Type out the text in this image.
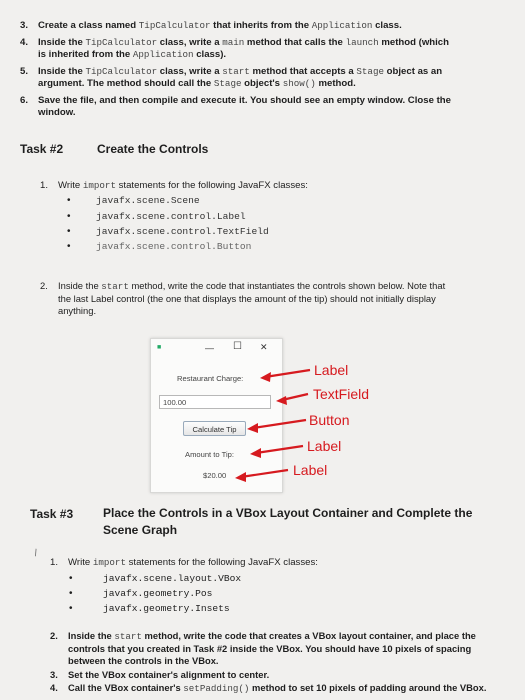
3. Create a class named TipCalculator that inherits from the Application class.
4. Inside the TipCalculator class, write a main method that calls the launch method (which
is inherited from the Application class).
5. Inside the TipCalculator class, write a start method that accepts a Stage object as an
argument. The method should call the Stage object's show() method.
6. Save the file, and then compile and execute it. You should see an empty window. Close the
window.
Task #2	Create the Controls
1. Write import statements for the following JavaFX classes:
•	javafx.scene.Scene
•	javafx.scene.control.Label
•	javafx.scene.control.TextField
•	javafx.scene.control.Button
2. Inside the start method, write the code that instantiates the controls shown below. Note that
the last Label control (the one that displays the amount of the tip) should not initially display
anything.
■	— ☐ ✕
Restaurant Charge:
100.00
Calculate Tip
Amount to Tip:
$20.00
Label
TextField
Button
Label
Label
Task #3 Place the Controls in a VBox Layout Container and Complete the
Scene Graph
\
1. Write import statements for the following JavaFX classes:
•	javafx.scene.layout.VBox
•	javafx.geometry.Pos
•	javafx.geometry.Insets
2. Inside the start method, write the code that creates a VBox layout container, and place the
controls that you created in Task #2 inside the VBox. You should have 10 pixels of spacing
between the controls in the VBox.
3. Set the VBox container's alignment to center.
4. Call the VBox container's setPadding() method to set 10 pixels of padding around the VBox.
